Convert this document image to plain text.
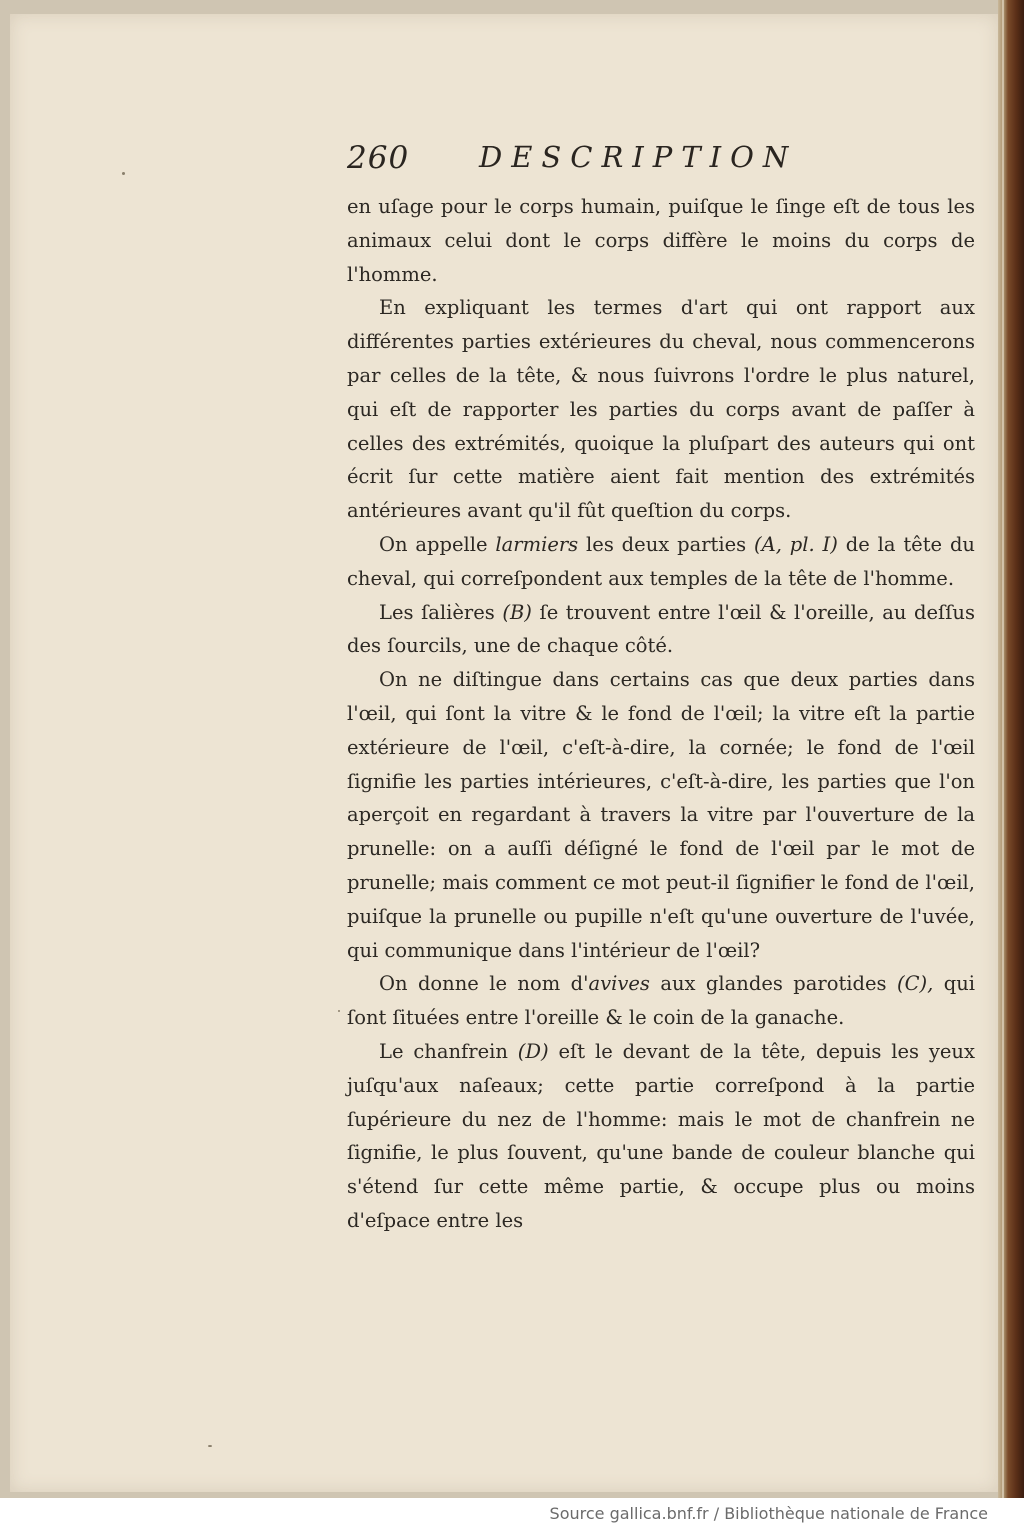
260 DESCRIPTION

en uſage pour le corps humain, puiſque le ſinge eſt de tous les animaux celui dont le corps diffère le moins du corps de l'homme.

En expliquant les termes d'art qui ont rapport aux différentes parties extérieures du cheval, nous commencerons par celles de la tête, & nous ſuivrons l'ordre le plus naturel, qui eſt de rapporter les parties du corps avant de paſſer à celles des extrémités, quoique la pluſpart des auteurs qui ont écrit ſur cette matière aient fait mention des extrémités antérieures avant qu'il fût queſtion du corps.

On appelle larmiers les deux parties (A, pl. I) de la tête du cheval, qui correſpondent aux temples de la tête de l'homme.

Les ſalières (B) ſe trouvent entre l'œil & l'oreille, au deſſus des ſourcils, une de chaque côté.

On ne diſtingue dans certains cas que deux parties dans l'œil, qui ſont la vitre & le fond de l'œil; la vitre eſt la partie extérieure de l'œil, c'eſt-à-dire, la cornée; le fond de l'œil ſignifie les parties intérieures, c'eſt-à-dire, les parties que l'on aperçoit en regardant à travers la vitre par l'ouverture de la prunelle: on a auſſi déſigné le fond de l'œil par le mot de prunelle; mais comment ce mot peut-il ſignifier le fond de l'œil, puiſque la prunelle ou pupille n'eſt qu'une ouverture de l'uvée, qui communique dans l'intérieur de l'œil?

On donne le nom d'avives aux glandes parotides (C), qui ſont ſituées entre l'oreille & le coin de la ganache.

Le chanfrein (D) eſt le devant de la tête, depuis les yeux juſqu'aux naſeaux; cette partie correſpond à la partie ſupérieure du nez de l'homme: mais le mot de chanfrein ne ſignifie, le plus ſouvent, qu'une bande de couleur blanche qui s'étend ſur cette même partie, & occupe plus ou moins d'eſpace entre les

Source gallica.bnf.fr / Bibliothèque nationale de France
